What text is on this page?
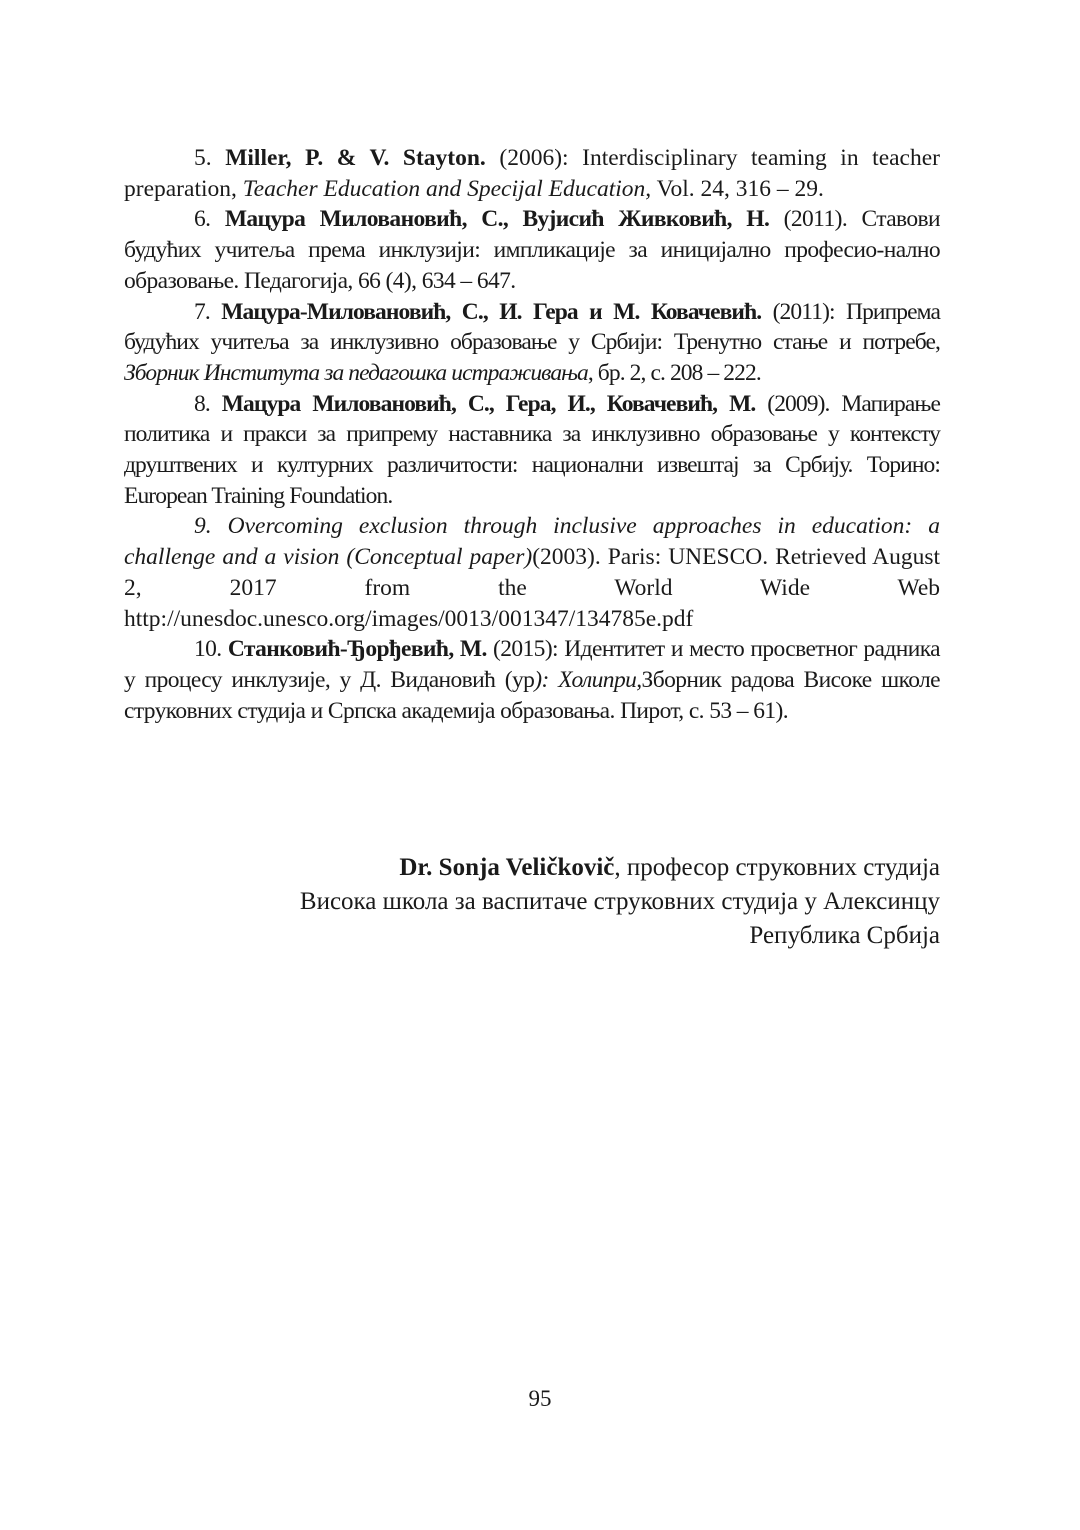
5. Miller, P. & V. Stayton. (2006): Interdisciplinary teaming in teacher preparation, Teacher Education and Specijal Education, Vol. 24, 316 – 29.

6. Мацура Миловановић, С., Вујисић Живковић, Н. (2011). Ставови будућих учитеља према инклузији: импликације за иницијално професио-нално образовање. Педагогија, 66 (4), 634 – 647.

7. Мацура-Миловановић, С., И. Гера и М. Ковачевић. (2011): Припрема будућих учитеља за инклузивно образовање у Србији: Тренутно стање и потребе, Зборник Института за педагошка истраживања, бр. 2, с. 208 – 222.

8. Мацура Миловановић, С., Гера, И., Ковачевић, М. (2009). Мапирање политика и пракси за припрему наставника за инклузивно образовање у контексту друштвених и културних различитости: национални извештај за Србију. Торино: European Training Foundation.

9. Overcoming exclusion through inclusive approaches in education: a challenge and a vision (Conceptual paper)(2003). Paris: UNESCO. Retrieved August 2, 2017 from the World Wide Web http://unesdoc.unesco.org/images/0013/001347/134785e.pdf

10. Станковић-Ђорђевић, М. (2015): Идентитет и место просветног радника у процесу инклузије, у Д. Видановић (ур): Холипри,Зборник радова Високе школе струковних студија и Српска академија образовања. Пирот, с. 53 – 61).

Dr. Sonja Veličkovič, професор струковних студија
Висока школа за васпитаче струковних студија у Алексинцу
Република Србија
95
